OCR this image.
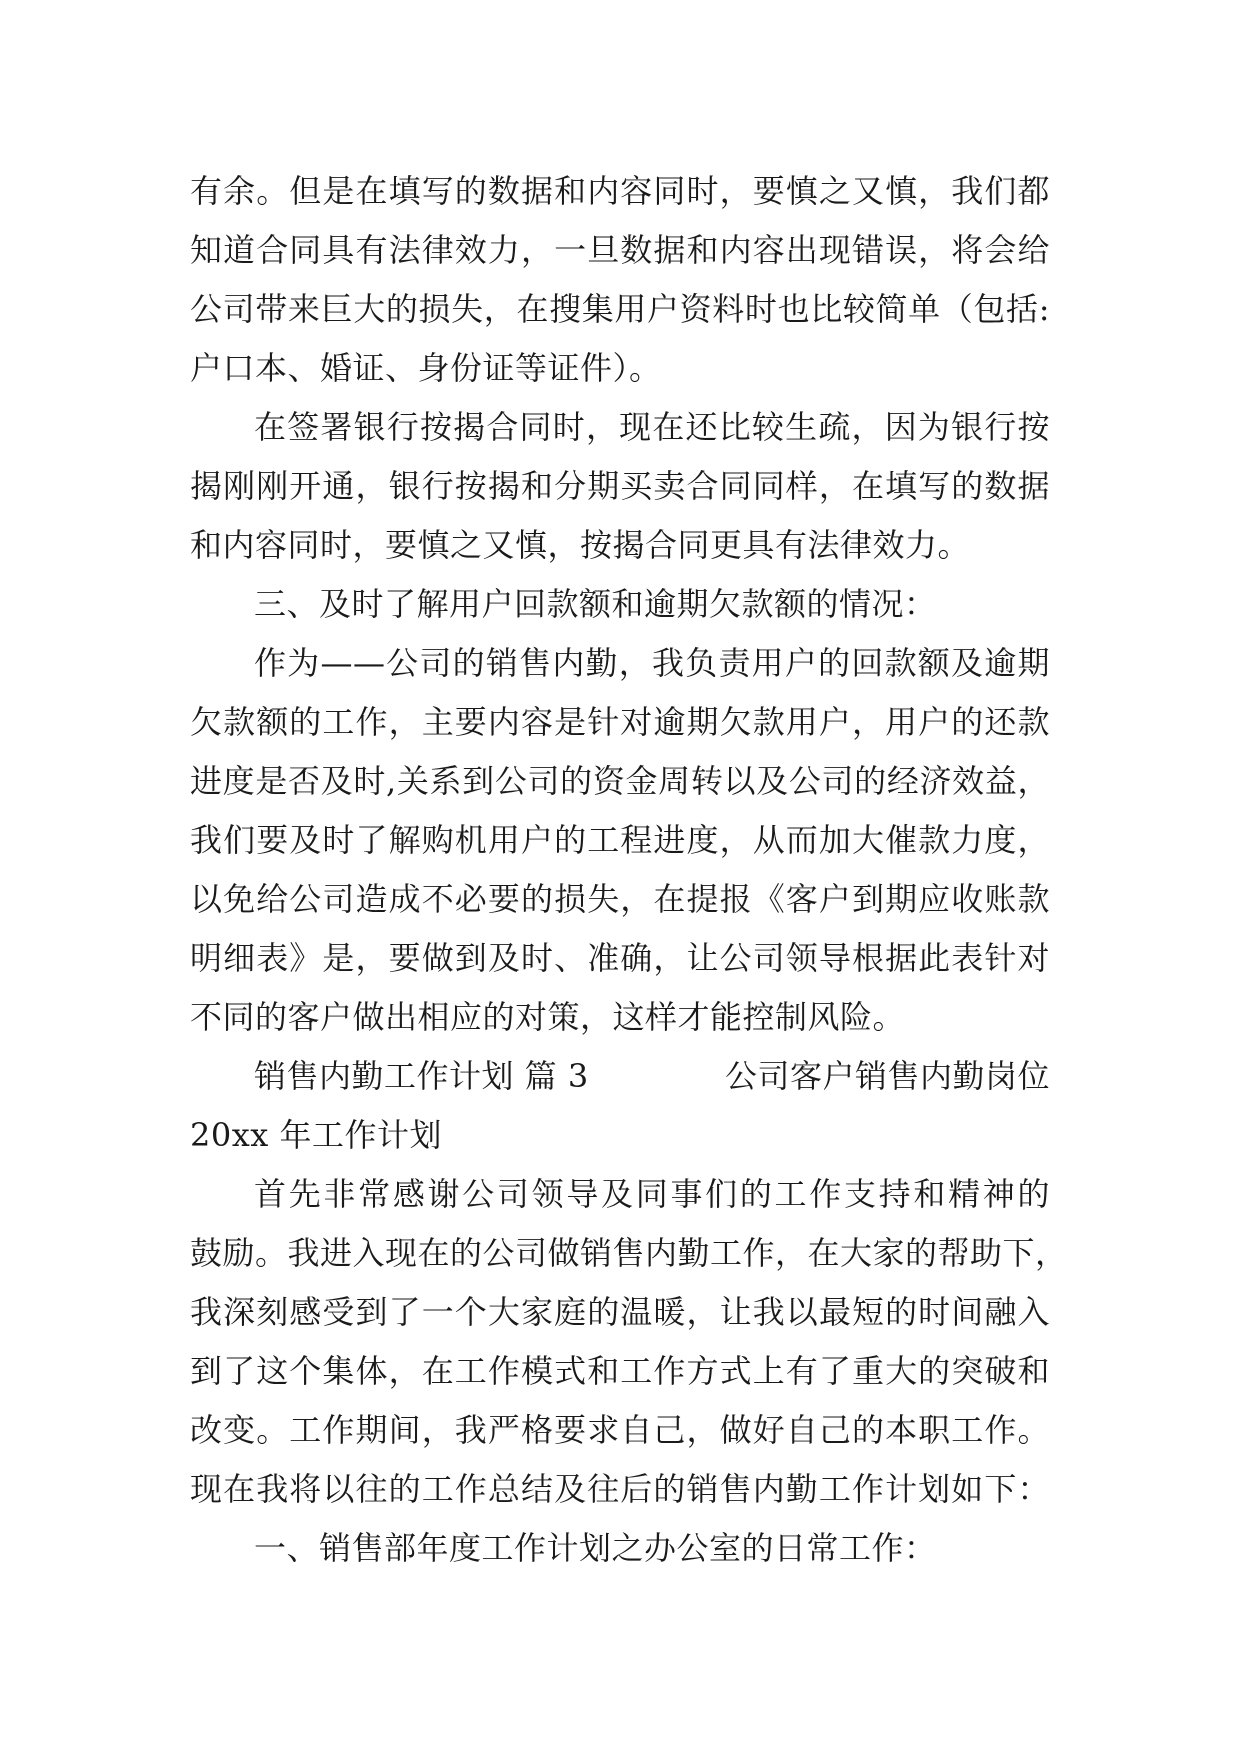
有余。但是在填写的数据和内容同时，要慎之又慎，我们都
知道合同具有法律效力，一旦数据和内容出现错误，将会给
公司带来巨大的损失，在搜集用户资料时也比较简单（包括:
户口本、婚证、身份证等证件）。
在签署银行按揭合同时，现在还比较生疏，因为银行按
揭刚刚开通，银行按揭和分期买卖合同同样，在填写的数据
和内容同时，要慎之又慎，按揭合同更具有法律效力。
三、及时了解用户回款额和逾期欠款额的情况：
作为——公司的销售内勤，我负责用户的回款额及逾期
欠款额的工作，主要内容是针对逾期欠款用户，用户的还款
进度是否及时,关系到公司的资金周转以及公司的经济效益，
我们要及时了解购机用户的工程进度，从而加大催款力度，
以免给公司造成不必要的损失，在提报《客户到期应收账款
明细表》是，要做到及时、准确，让公司领导根据此表针对
不同的客户做出相应的对策，这样才能控制风险。
销售内勤工作计划 篇 3	公司客户销售内勤岗位
20xx 年工作计划
首先非常感谢公司领导及同事们的工作支持和精神的
鼓励。我进入现在的公司做销售内勤工作，在大家的帮助下，
我深刻感受到了一个大家庭的温暖，让我以最短的时间融入
到了这个集体，在工作模式和工作方式上有了重大的突破和
改变。工作期间，我严格要求自己，做好自己的本职工作。
现在我将以往的工作总结及往后的销售内勤工作计划如下：
一、销售部年度工作计划之办公室的日常工作：
